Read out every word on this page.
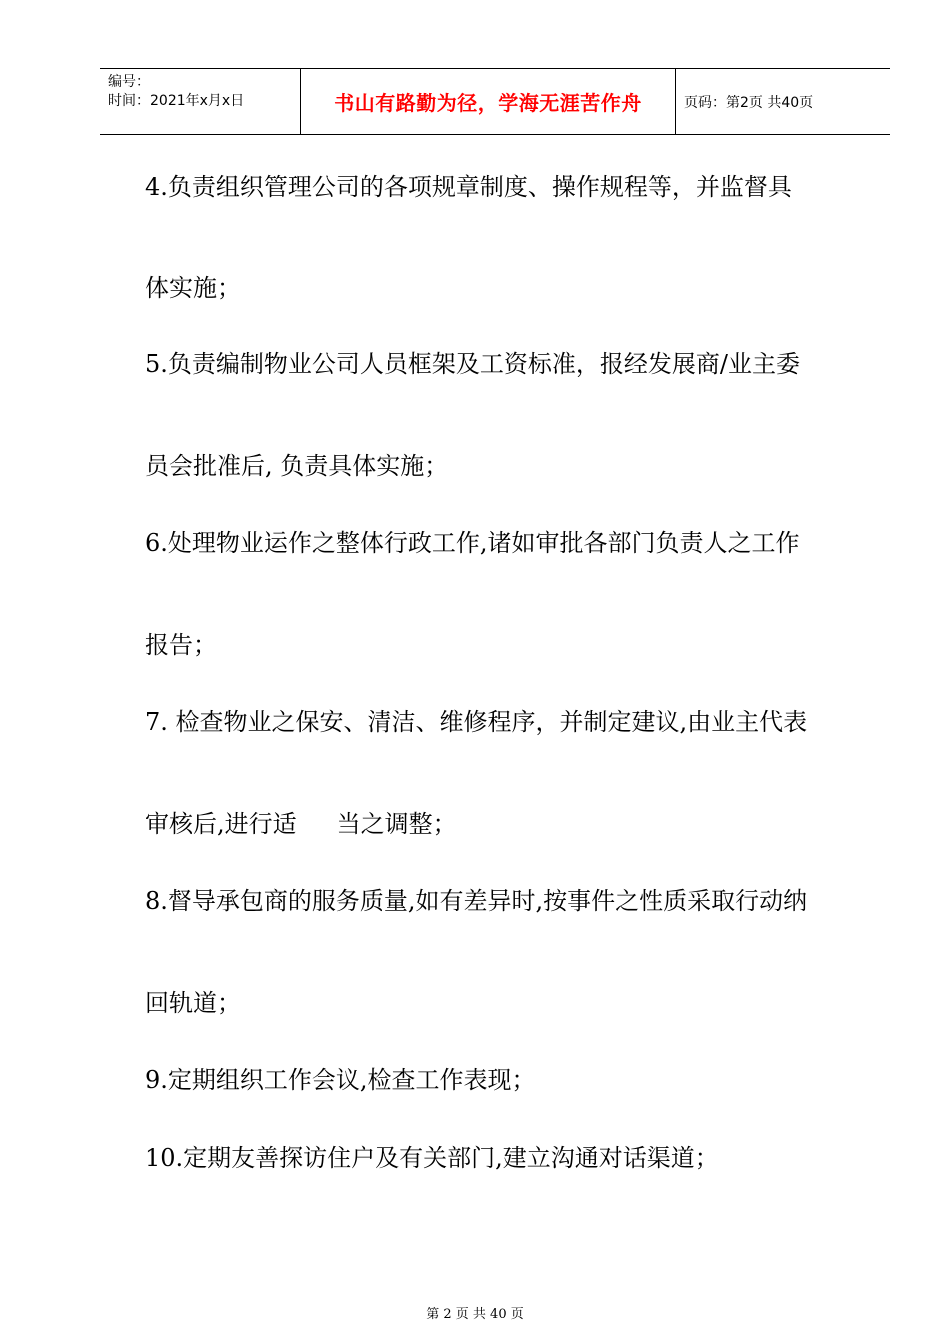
编号：
时间：2021年x月x日	书山有路勤为径，学海无涯苦作舟	页码：第2页 共40页
4.负责组织管理公司的各项规章制度、操作规程等，并监督具
体实施；
5.负责编制物业公司人员框架及工资标准，报经发展商/业主委
员会批准后, 负责具体实施；
6.处理物业运作之整体行政工作,诸如审批各部门负责人之工作
报告；
7. 检查物业之保安、清洁、维修程序，并制定建议,由业主代表
审核后,进行适 当之调整；
8.督导承包商的服务质量,如有差异时,按事件之性质采取行动纳
回轨道；
9.定期组织工作会议,检查工作表现；
10.定期友善探访住户及有关部门,建立沟通对话渠道；
第 2 页 共 40 页
